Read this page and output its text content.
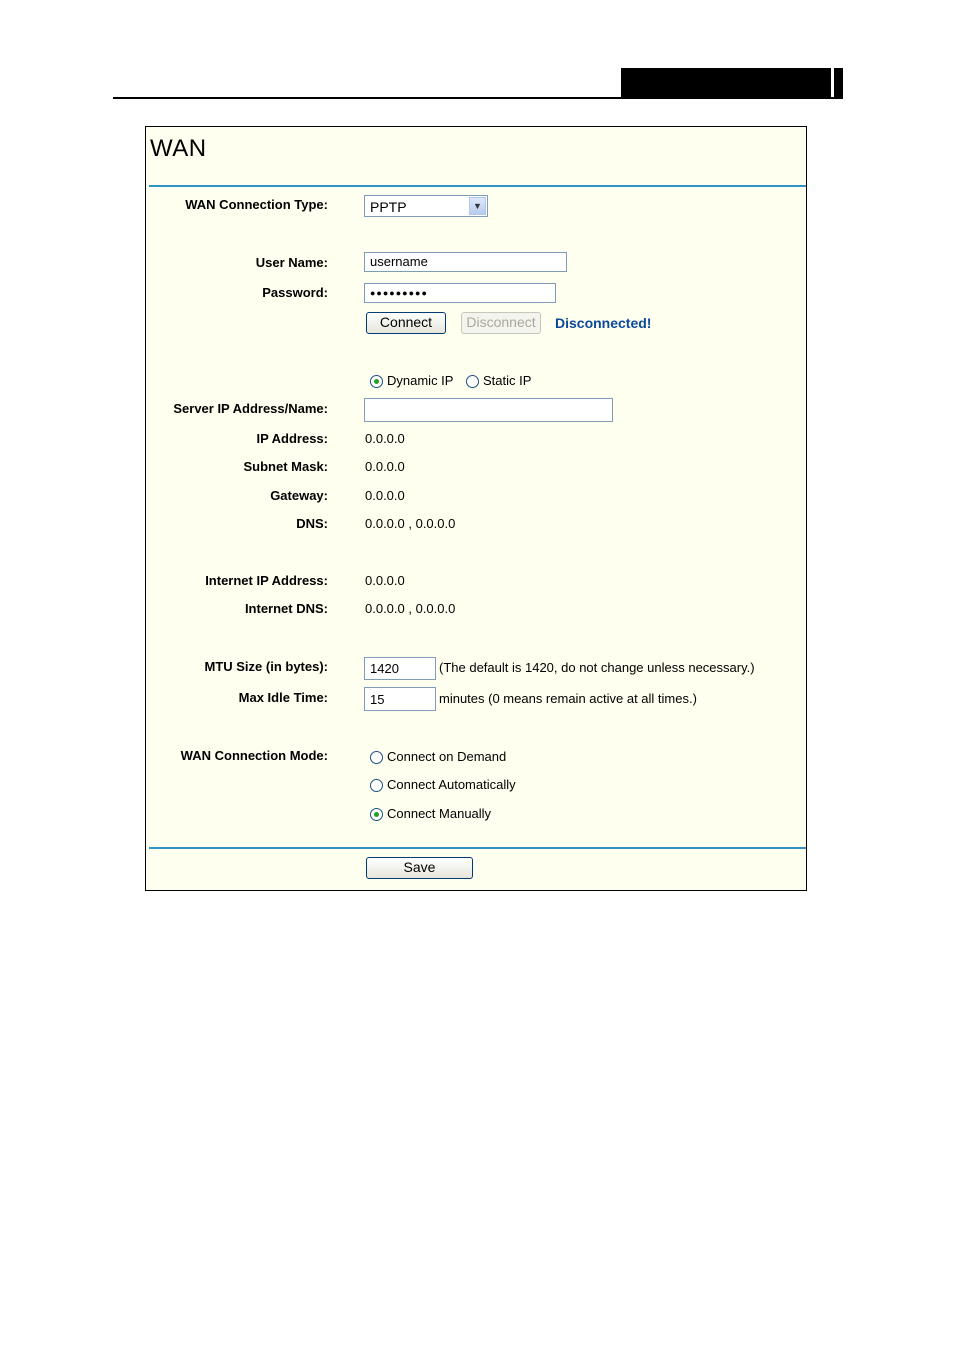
WAN
WAN Connection Type:	PPTP	▼
User Name:	username
Password:	●●●●●●●●●
Connect	Disconnect	Disconnected!
Dynamic IP Static IP
Server IP Address/Name:
IP Address:	0.0.0.0
Subnet Mask:	0.0.0.0
Gateway:	0.0.0.0
DNS:	0.0.0.0 , 0.0.0.0
Internet IP Address:	0.0.0.0
Internet DNS:	0.0.0.0 , 0.0.0.0
MTU Size (in bytes):	1420	(The default is 1420, do not change unless necessary.)
Max Idle Time:	15	minutes (0 means remain active at all times.)
WAN Connection Mode:	Connect on Demand
Connect Automatically
Connect Manually
Save
